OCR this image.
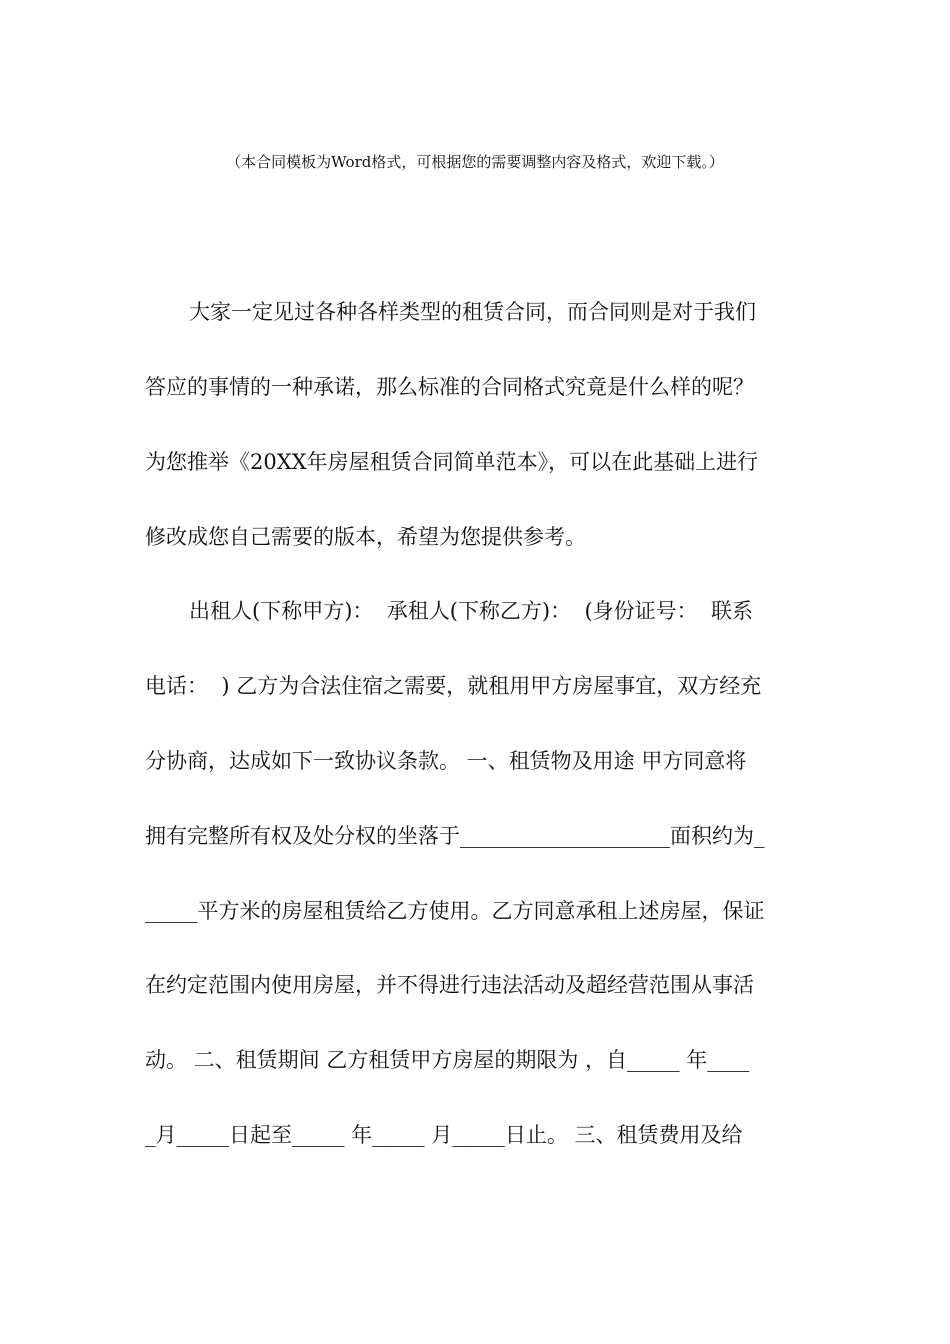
（本合同模板为Word格式，可根据您的需要调整内容及格式，欢迎下载。）
大家一定见过各种各样类型的租赁合同，而合同则是对于我们
答应的事情的一种承诺，那么标准的合同格式究竟是什么样的呢？
为您推举《20XX年房屋租赁合同简单范本》，可以在此基础上进行
修改成您自己需要的版本，希望为您提供参考。
出租人(下称甲方)：  承租人(下称乙方)：  (身份证号：  联系
电话：  ) 乙方为合法住宿之需要，就租用甲方房屋事宜，双方经充
分协商，达成如下一致协议条款。 一、租赁物及用途 甲方同意将
拥有完整所有权及处分权的坐落于____________________面积约为_
_____平方米的房屋租赁给乙方使用。乙方同意承租上述房屋，保证
在约定范围内使用房屋，并不得进行违法活动及超经营范围从事活
动。 二、租赁期间 乙方租赁甲方房屋的期限为 ，自_____ 年____
_月_____日起至_____ 年_____ 月_____日止。 三、租赁费用及给
